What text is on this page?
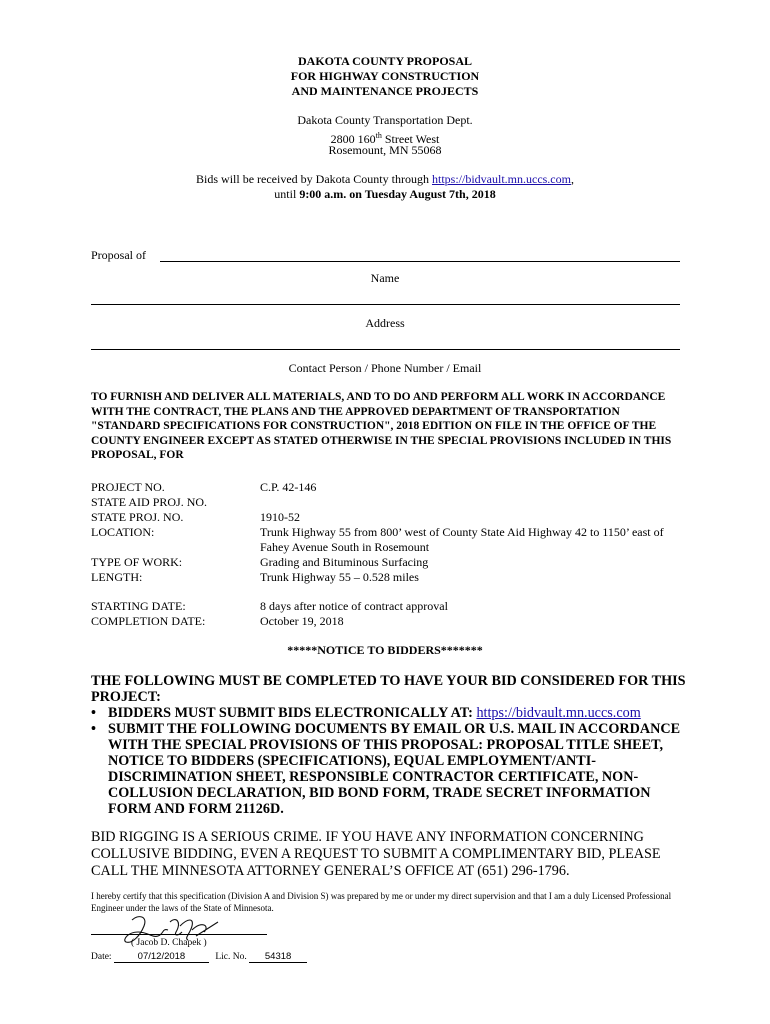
DAKOTA COUNTY PROPOSAL
FOR HIGHWAY CONSTRUCTION
AND MAINTENANCE PROJECTS
Dakota County Transportation Dept.
2800 160th Street West
Rosemount, MN 55068
Bids will be received by Dakota County through https://bidvault.mn.uccs.com,
until 9:00 a.m. on Tuesday August 7th, 2018
Proposal of
Name
Address
Contact Person / Phone Number / Email
TO FURNISH AND DELIVER ALL MATERIALS, AND TO DO AND PERFORM ALL WORK IN ACCORDANCE WITH THE CONTRACT, THE PLANS AND THE APPROVED DEPARTMENT OF TRANSPORTATION "STANDARD SPECIFICATIONS FOR CONSTRUCTION", 2018 EDITION ON FILE IN THE OFFICE OF THE COUNTY ENGINEER EXCEPT AS STATED OTHERWISE IN THE SPECIAL PROVISIONS INCLUDED IN THIS PROPOSAL, FOR
PROJECT NO.	C.P. 42-146
STATE AID PROJ. NO.
STATE PROJ. NO.	1910-52
LOCATION:	Trunk Highway 55 from 800’ west of County State Aid Highway 42 to 1150’ east of Fahey Avenue South in Rosemount
TYPE OF WORK:	Grading and Bituminous Surfacing
LENGTH:	Trunk Highway 55 – 0.528 miles
STARTING DATE:	8 days after notice of contract approval
COMPLETION DATE:	October 19, 2018
*****NOTICE TO BIDDERS*******
THE FOLLOWING MUST BE COMPLETED TO HAVE YOUR BID CONSIDERED FOR THIS PROJECT:
• BIDDERS MUST SUBMIT BIDS ELECTRONICALLY AT: https://bidvault.mn.uccs.com
• SUBMIT THE FOLLOWING DOCUMENTS BY EMAIL OR U.S. MAIL IN ACCORDANCE WITH THE SPECIAL PROVISIONS OF THIS PROPOSAL: PROPOSAL TITLE SHEET, NOTICE TO BIDDERS (SPECIFICATIONS), EQUAL EMPLOYMENT/ANTI-DISCRIMINATION SHEET, RESPONSIBLE CONTRACTOR CERTIFICATE, NON-COLLUSION DECLARATION, BID BOND FORM, TRADE SECRET INFORMATION FORM AND FORM 21126D.
BID RIGGING IS A SERIOUS CRIME. IF YOU HAVE ANY INFORMATION CONCERNING COLLUSIVE BIDDING, EVEN A REQUEST TO SUBMIT A COMPLIMENTARY BID, PLEASE CALL THE MINNESOTA ATTORNEY GENERAL’S OFFICE AT (651) 296-1796.
I hereby certify that this specification (Division A and Division S) was prepared by me or under my direct supervision and that I am a duly Licensed Professional Engineer under the laws of the State of Minnesota.
( Jacob D. Chapek )
Date:	07/12/2018	Lic. No. 54318
